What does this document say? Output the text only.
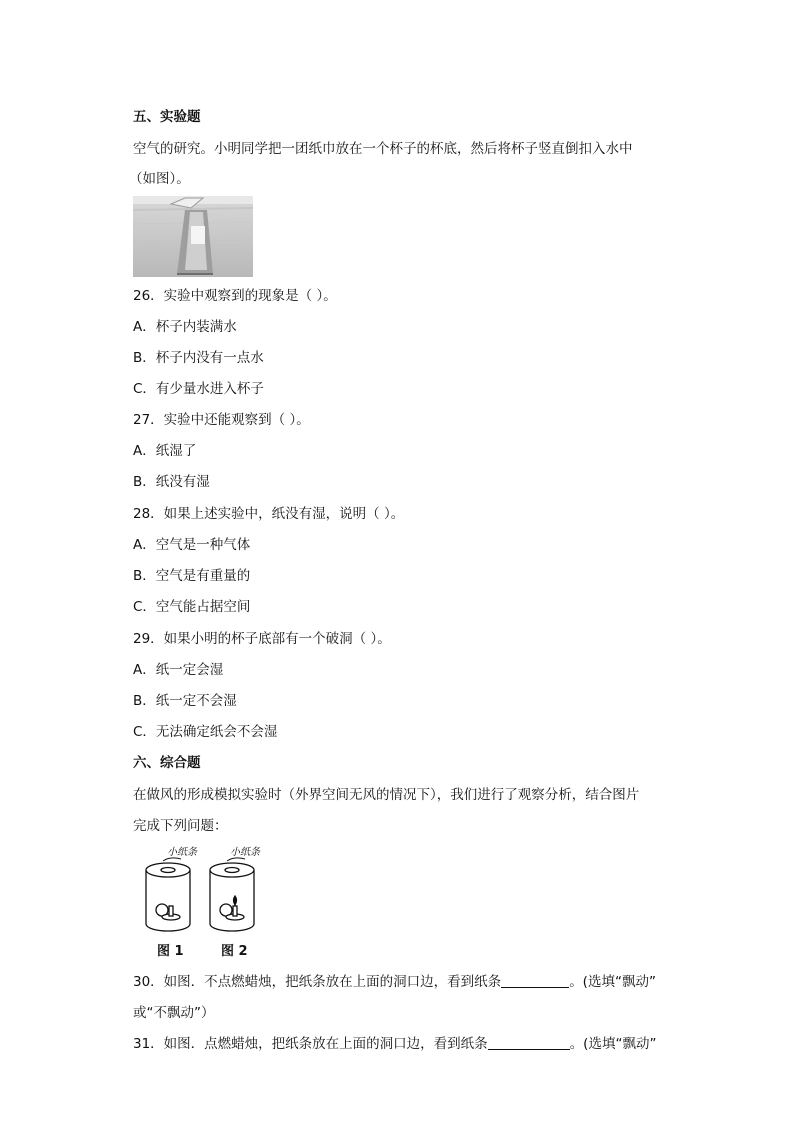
五、实验题
空气的研究。小明同学把一团纸巾放在一个杯子的杯底，然后将杯子竖直倒扣入水中
（如图）。
26．实验中观察到的现象是（ ）。
A．杯子内装满水
B．杯子内没有一点水
C．有少量水进入杯子
27．实验中还能观察到（ ）。
A．纸湿了
B．纸没有湿
28．如果上述实验中，纸没有湿，说明（ ）。
A．空气是一种气体
B．空气是有重量的
C．空气能占据空间
29．如果小明的杯子底部有一个破洞（ ）。
A．纸一定会湿
B．纸一定不会湿
C．无法确定纸会不会湿
六、综合题
在做风的形成模拟实验时（外界空间无风的情况下），我们进行了观察分析，结合图片
完成下列问题：
小纸条	小纸条
图 1	图 2
30．如图．不点燃蜡烛，把纸条放在上面的洞口边，看到纸条	。(选填“飘动”
或“不飘动”）
31．如图．点燃蜡烛，把纸条放在上面的洞口边，看到纸条	。(选填“飘动”
